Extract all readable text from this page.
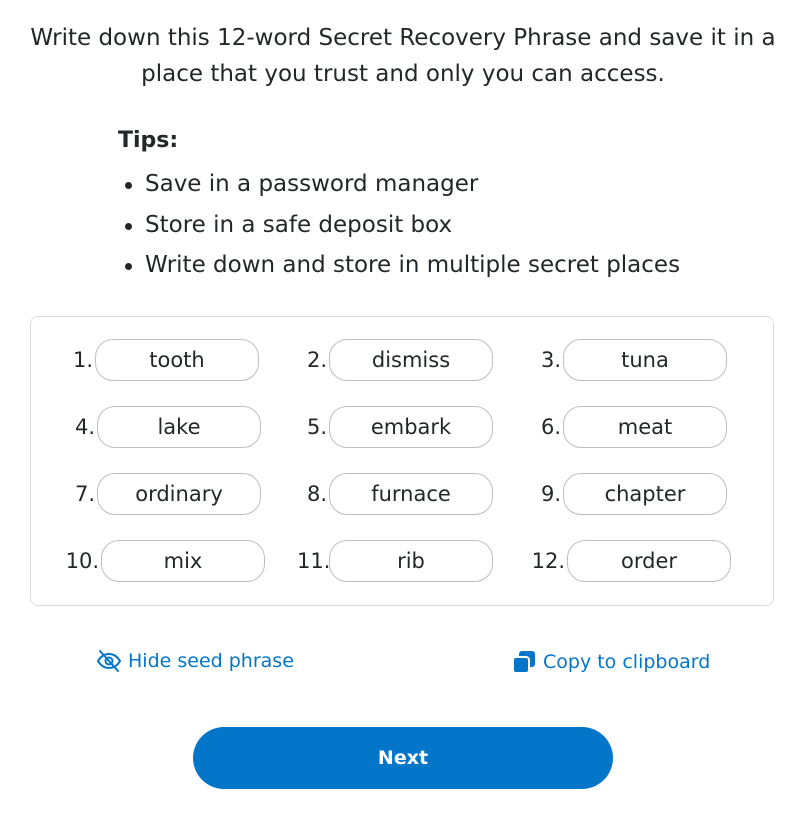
Write down this 12-word Secret Recovery Phrase and save it in a
place that you trust and only you can access.

Tips:

Save in a password manager
Store in a safe deposit box
Write down and store in multiple secret places
1.	tooth	2.	dismiss	3.	tuna
4.	lake	5.	embark	6.	meat
7.	ordinary	8.	furnace	9.	chapter
10.	mix	11.	rib	12.	order
Hide seed phrase	Copy to clipboard
Next
